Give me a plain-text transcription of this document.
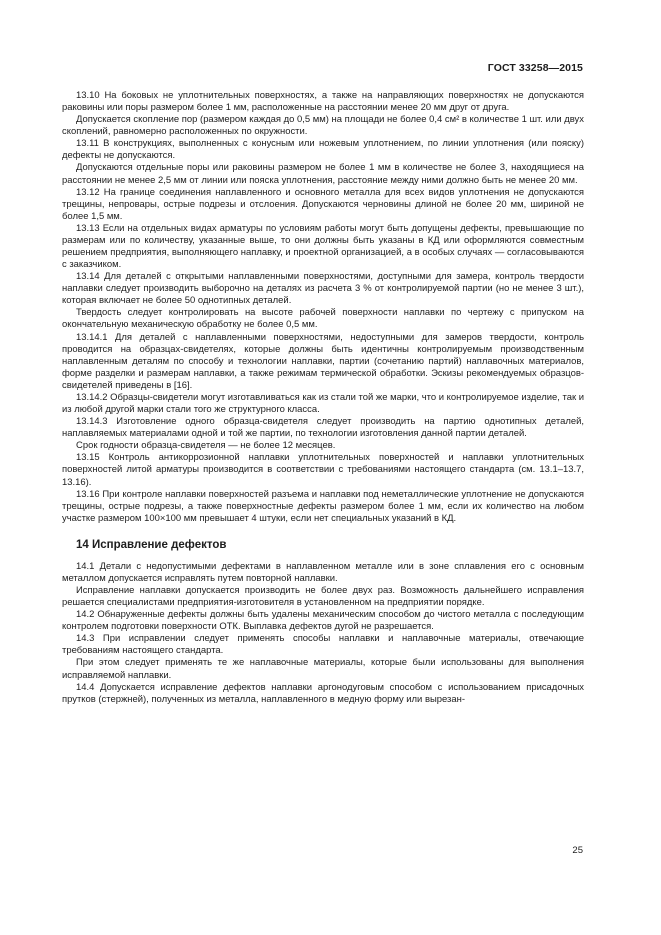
ГОСТ 33258—2015

13.10 На боковых не уплотнительных поверхностях, а также на направляющих поверхностях не допускаются раковины или поры размером более 1 мм, расположенные на расстоянии менее 20 мм друг от друга.

Допускается скопление пор (размером каждая до 0,5 мм) на площади не более 0,4 см² в количестве 1 шт. или двух скоплений, равномерно расположенных по окружности.

13.11 В конструкциях, выполненных с конусным или ножевым уплотнением, по линии уплотнения (или пояску) дефекты не допускаются.

Допускаются отдельные поры или раковины размером не более 1 мм в количестве не более 3, находящиеся на расстоянии не менее 2,5 мм от линии или пояска уплотнения, расстояние между ними должно быть не менее 20 мм.

13.12 На границе соединения наплавленного и основного металла для всех видов уплотнения не допускаются трещины, непровары, острые подрезы и отслоения. Допускаются черновины длиной не более 20 мм, шириной не более 1,5 мм.

13.13 Если на отдельных видах арматуры по условиям работы могут быть допущены дефекты, превышающие по размерам или по количеству, указанные выше, то они должны быть указаны в КД или оформляются совместным решением предприятия, выполняющего наплавку, и проектной организацией, а в особых случаях — согласовываются с заказчиком.

13.14 Для деталей с открытыми наплавленными поверхностями, доступными для замера, контроль твердости наплавки следует производить выборочно на деталях из расчета 3 % от контролируемой партии (но не менее 3 шт.), которая включает не более 50 однотипных деталей.

Твердость следует контролировать на высоте рабочей поверхности наплавки по чертежу с припуском на окончательную механическую обработку не более 0,5 мм.

13.14.1 Для деталей с наплавленными поверхностями, недоступными для замеров твердости, контроль проводится на образцах-свидетелях, которые должны быть идентичны контролируемым производственным наплавленным деталям по способу и технологии наплавки, партии (сочетанию партий) наплавочных материалов, форме разделки и размерам наплавки, а также режимам термической обработки. Эскизы рекомендуемых образцов-свидетелей приведены в [16].

13.14.2 Образцы-свидетели могут изготавливаться как из стали той же марки, что и контролируемое изделие, так и из любой другой марки стали того же структурного класса.

13.14.3 Изготовление одного образца-свидетеля следует производить на партию однотипных деталей, наплавляемых материалами одной и той же партии, по технологии изготовления данной партии деталей.

Срок годности образца-свидетеля — не более 12 месяцев.

13.15 Контроль антикоррозионной наплавки уплотнительных поверхностей и наплавки уплотнительных поверхностей литой арматуры производится в соответствии с требованиями настоящего стандарта (см. 13.1–13.7, 13.16).

13.16 При контроле наплавки поверхностей разъема и наплавки под неметаллические уплотнение не допускаются трещины, острые подрезы, а также поверхностные дефекты размером более 1 мм, если их количество на любом участке размером 100×100 мм превышает 4 штуки, если нет специальных указаний в КД.

14 Исправление дефектов

14.1 Детали с недопустимыми дефектами в наплавленном металле или в зоне сплавления его с основным металлом допускается исправлять путем повторной наплавки.

Исправление наплавки допускается производить не более двух раз. Возможность дальнейшего исправления решается специалистами предприятия-изготовителя в установленном на предприятии порядке.

14.2 Обнаруженные дефекты должны быть удалены механическим способом до чистого металла с последующим контролем подготовки поверхности ОТК. Выплавка дефектов дугой не разрешается.

14.3 При исправлении следует применять способы наплавки и наплавочные материалы, отвечающие требованиям настоящего стандарта.

При этом следует применять те же наплавочные материалы, которые были использованы для выполнения исправляемой наплавки.

14.4 Допускается исправление дефектов наплавки аргонодуговым способом с использованием присадочных прутков (стержней), полученных из металла, наплавленного в медную форму или вырезан-

25
